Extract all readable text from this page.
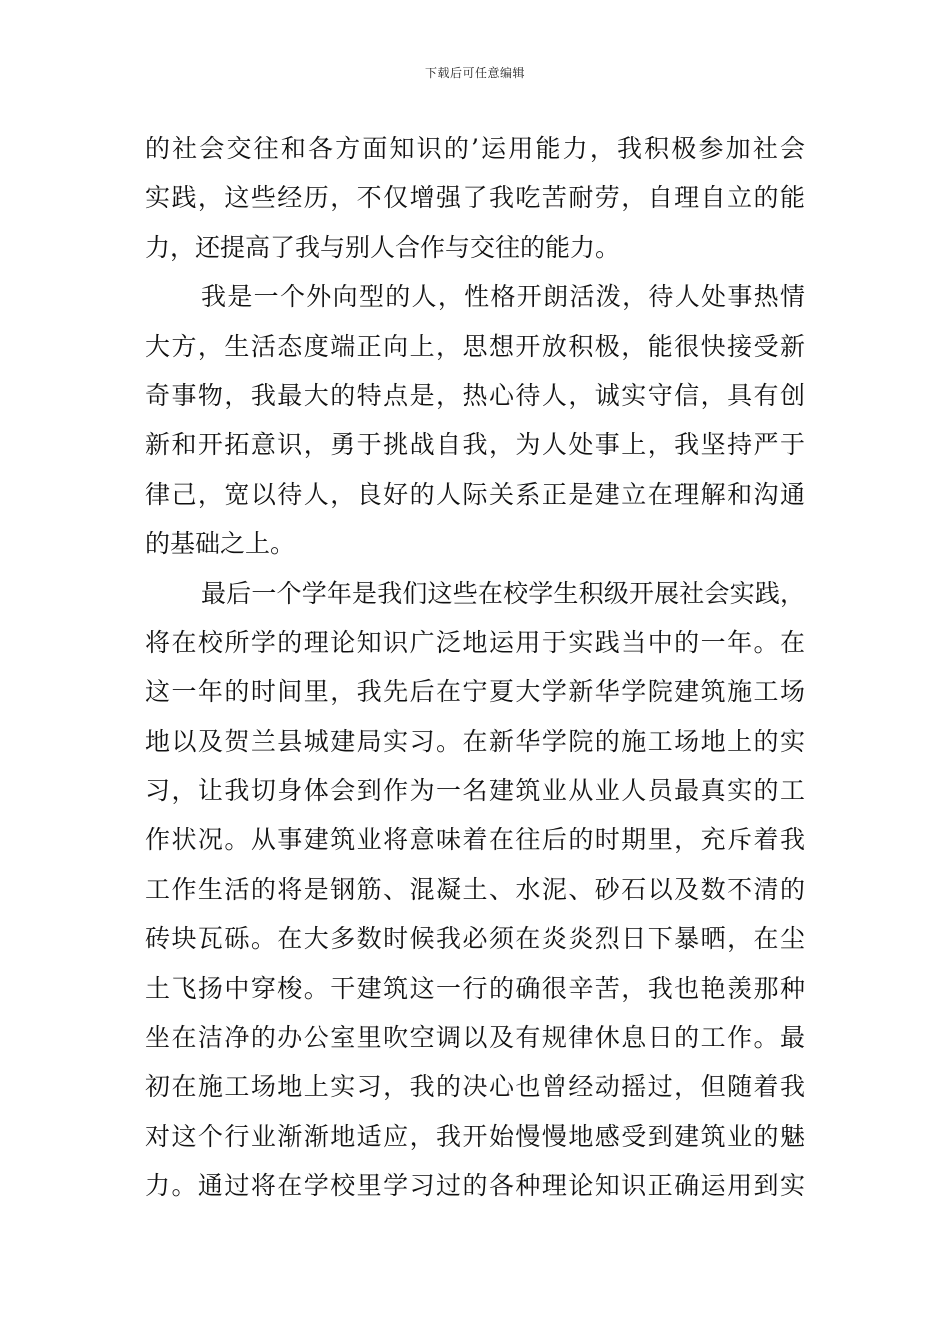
下载后可任意编辑
的社会交往和各方面知识的’运用能力，我积极参加社会
实践，这些经历，不仅增强了我吃苦耐劳，自理自立的能
力，还提高了我与别人合作与交往的能力。
我是一个外向型的人，性格开朗活泼，待人处事热情
大方，生活态度端正向上，思想开放积极，能很快接受新
奇事物，我最大的特点是，热心待人，诚实守信，具有创
新和开拓意识，勇于挑战自我，为人处事上，我坚持严于
律己，宽以待人，良好的人际关系正是建立在理解和沟通
的基础之上。
最后一个学年是我们这些在校学生积级开展社会实践，
将在校所学的理论知识广泛地运用于实践当中的一年。在
这一年的时间里，我先后在宁夏大学新华学院建筑施工场
地以及贺兰县城建局实习。在新华学院的施工场地上的实
习，让我切身体会到作为一名建筑业从业人员最真实的工
作状况。从事建筑业将意味着在往后的时期里，充斥着我
工作生活的将是钢筋、混凝土、水泥、砂石以及数不清的
砖块瓦砾。在大多数时候我必须在炎炎烈日下暴晒，在尘
土飞扬中穿梭。干建筑这一行的确很辛苦，我也艳羡那种
坐在洁净的办公室里吹空调以及有规律休息日的工作。最
初在施工场地上实习，我的决心也曾经动摇过，但随着我
对这个行业渐渐地适应，我开始慢慢地感受到建筑业的魅
力。通过将在学校里学习过的各种理论知识正确运用到实
